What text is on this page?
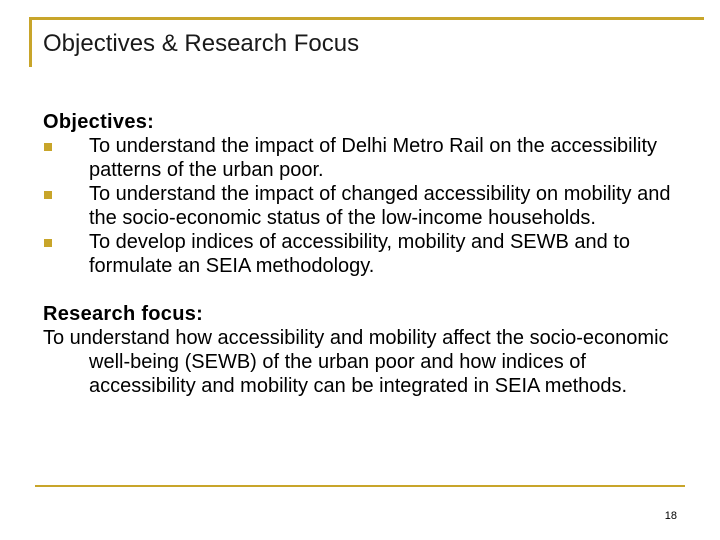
Objectives & Research Focus
Objectives:
To understand the impact of Delhi Metro Rail on the accessibility patterns of the urban poor.
To understand the impact of changed accessibility on mobility and the socio-economic status of the low-income households.
To develop indices of accessibility, mobility and SEWB and to formulate an SEIA methodology.
Research focus:
To understand how accessibility and mobility affect the socio-economic well-being (SEWB) of the urban poor and how indices of accessibility and mobility can be integrated in SEIA methods.
18
